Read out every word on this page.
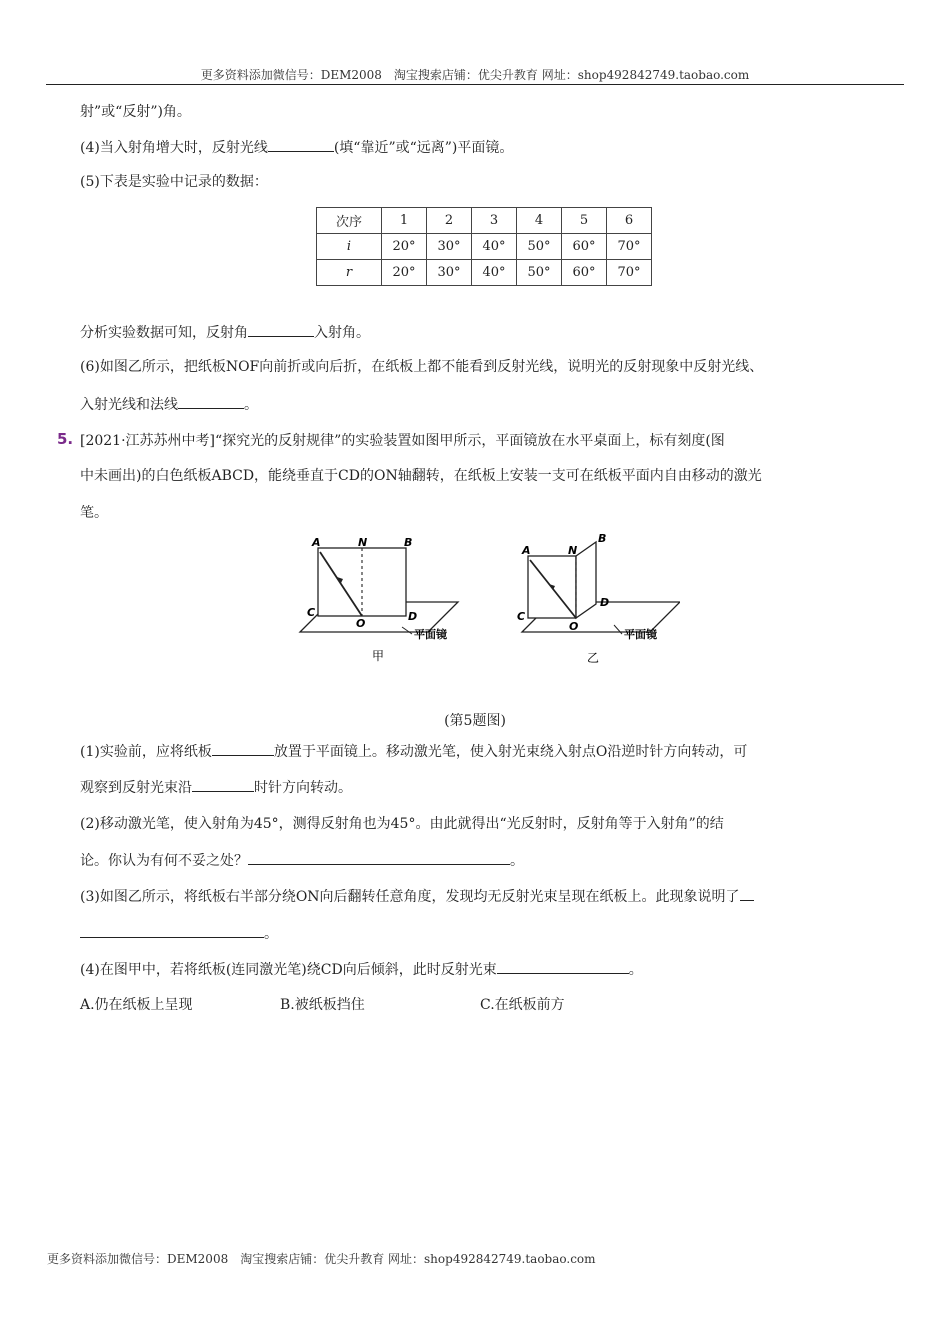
更多资料添加微信号：DEM2008　淘宝搜索店铺：优尖升教育 网址：shop492842749.taobao.com
射”或“反射”)角。
(4)当入射角增大时，反射光线	(填“靠近”或“远离”)平面镜。
(5)下表是实验中记录的数据：
次序	1	2	3	4	5	6
i	20°	30°	40°	50°	60°	70°
r	20°	30°	40°	50°	60°	70°
分析实验数据可知，反射角	入射角。
(6)如图乙所示，把纸板NOF向前折或向后折，在纸板上都不能看到反射光线，说明光的反射现象中反射光线、
入射光线和法线	。
5. [2021·江苏苏州中考]“探究光的反射规律”的实验装置如图甲所示，平面镜放在水平桌面上，标有刻度(图
中未画出)的白色纸板ABCD，能绕垂直于CD的ON轴翻转，在纸板上安装一支可在纸板平面内自由移动的激光
笔。
A	N	B
C	D
O
平面镜
甲
A	N
B
C
D
O
平面镜
乙
(第5题图)
(1)实验前，应将纸板	放置于平面镜上。移动激光笔，使入射光束绕入射点O沿逆时针方向转动，可
观察到反射光束沿	时针方向转动。
(2)移动激光笔，使入射角为45°，测得反射角也为45°。由此就得出“光反射时，反射角等于入射角”的结
论。你认为有何不妥之处？	。
(3)如图乙所示，将纸板右半部分绕ON向后翻转任意角度，发现均无反射光束呈现在纸板上。此现象说明了
。
(4)在图甲中，若将纸板(连同激光笔)绕CD向后倾斜，此时反射光束	。
A.仍在纸板上呈现	B.被纸板挡住	C.在纸板前方
更多资料添加微信号：DEM2008　淘宝搜索店铺：优尖升教育 网址：shop492842749.taobao.com
